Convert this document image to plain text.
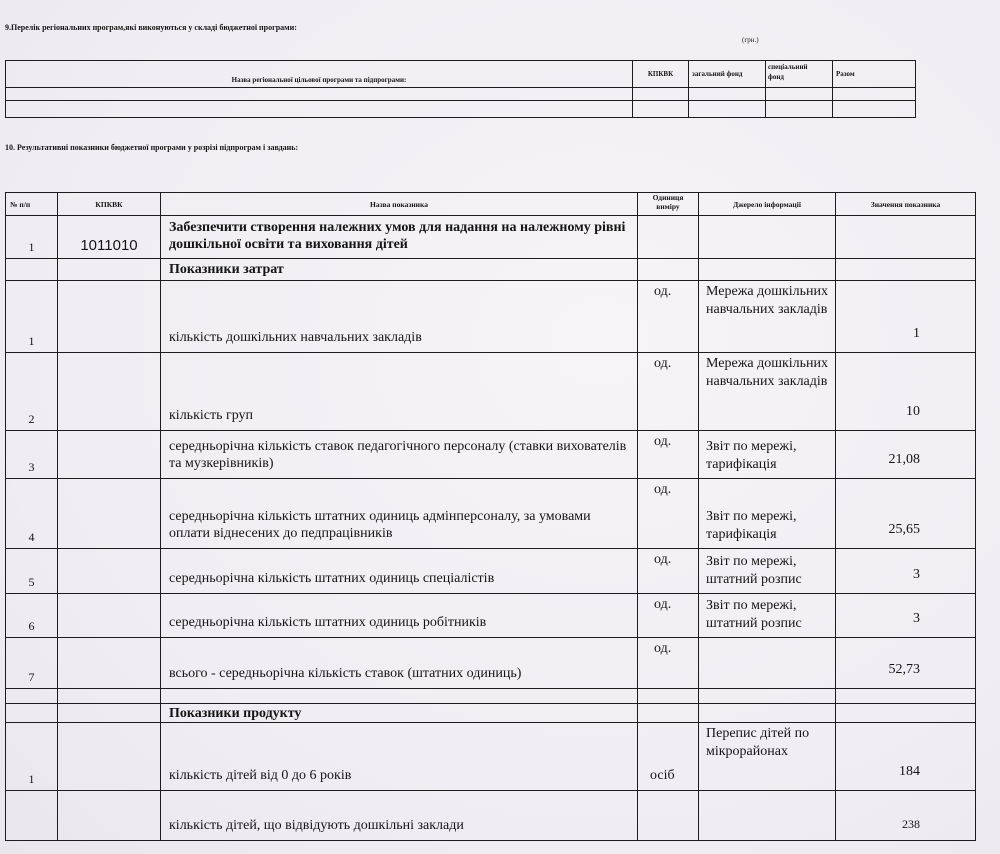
9.Перелік регіональних програм,які виконуються у складі бюджетної програми:
(грн.)
Назва регіональної цільової програми та підпрограми:	КПКВК	загальний фонд	спеціальний фонд	Разом

10. Результативні показники бюджетної програми у розрізі підпрограм і завдань:
№ п/п	КПКВК	Назва показника	Одиниця виміру	Джерело інформації	Значення показника
1	1011010	Забезпечити створення належних умов для надання на належному рівні дошкільної освіти та виховання дітей			
		Показники затрат			
1		кількість дошкільних навчальних закладів	од.	Мережа дошкільних навчальних закладів	1
2		кількість груп	од.	Мережа дошкільних навчальних закладів	10
3		середньорічна кількість ставок педагогічного персоналу (ставки вихователів та музкерівників)	од.	Звіт по мережі, тарифікація	21,08
4		середньорічна кількість штатних одиниць адмінперсоналу, за умовами оплати віднесених до педпрацівників	од.	Звіт по мережі, тарифікація	25,65
5		середньорічна кількість штатних одиниць спеціалістів	од.	Звіт по мережі, штатний розпис	3
6		середньорічна кількість штатних одиниць робітників	од.	Звіт по мережі, штатний розпис	3
7		всього - середньорічна кількість ставок (штатних одиниць)	од.		52,73

		Показники продукту			
1		кількість дітей від 0 до 6 років	осіб	Перепис дітей по мікрорайонах	184
		кількість дітей, що відвідують дошкільні заклади			238
